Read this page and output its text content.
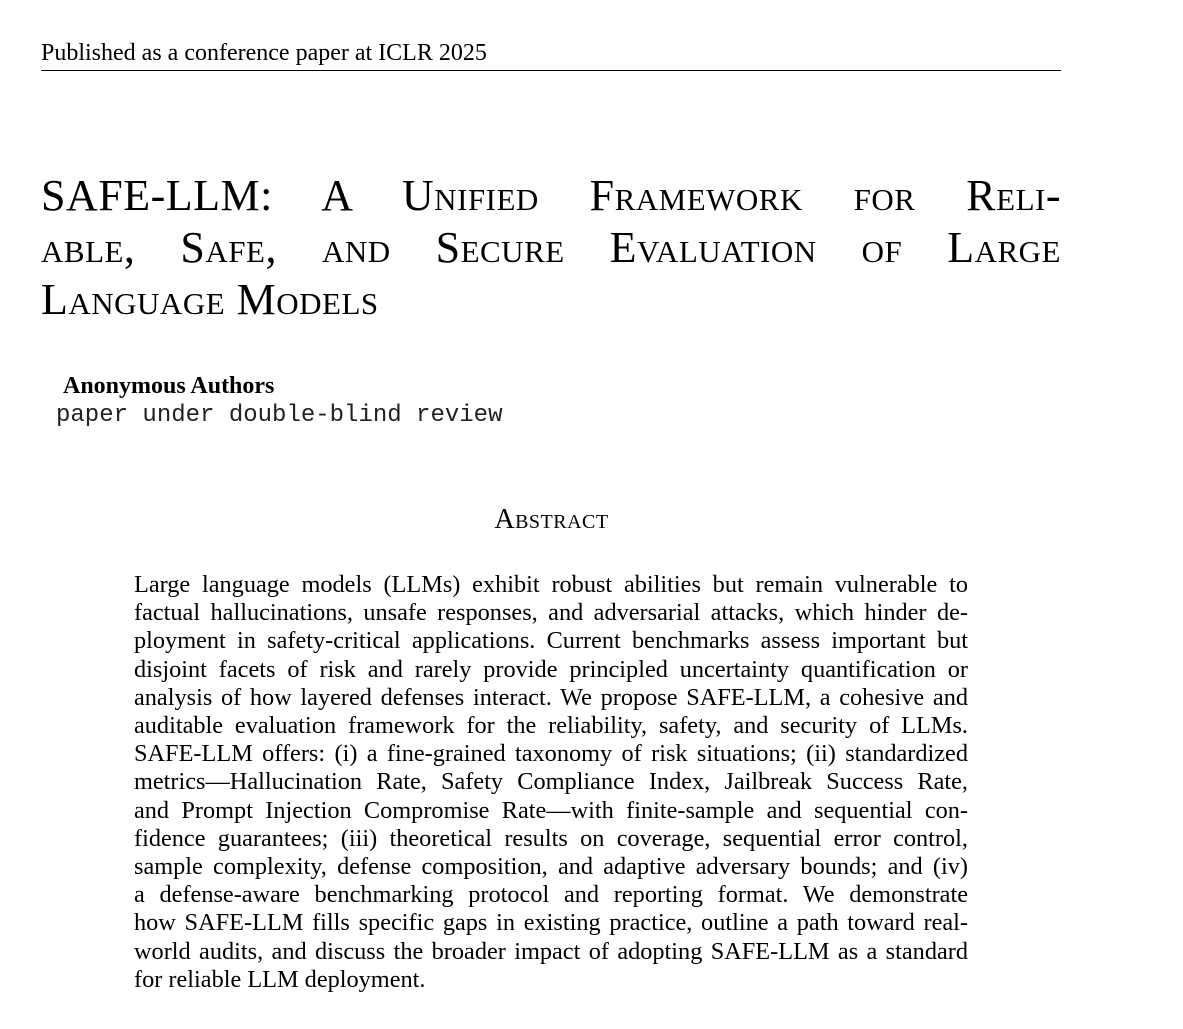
Published as a conference paper at ICLR 2025
SAFE-LLM: A Unified Framework for Reli-
able, Safe, and Secure Evaluation of Large
Language Models
Anonymous Authors
paper under double-blind review
Abstract
Large language models (LLMs) exhibit robust abilities but remain vulnerable to
factual hallucinations, unsafe responses, and adversarial attacks, which hinder de-
ployment in safety-critical applications. Current benchmarks assess important but
disjoint facets of risk and rarely provide principled uncertainty quantification or
analysis of how layered defenses interact. We propose SAFE-LLM, a cohesive and
auditable evaluation framework for the reliability, safety, and security of LLMs.
SAFE-LLM offers: (i) a fine-grained taxonomy of risk situations; (ii) standardized
metrics—Hallucination Rate, Safety Compliance Index, Jailbreak Success Rate,
and Prompt Injection Compromise Rate—with finite-sample and sequential con-
fidence guarantees; (iii) theoretical results on coverage, sequential error control,
sample complexity, defense composition, and adaptive adversary bounds; and (iv)
a defense-aware benchmarking protocol and reporting format. We demonstrate
how SAFE-LLM fills specific gaps in existing practice, outline a path toward real-
world audits, and discuss the broader impact of adopting SAFE-LLM as a standard
for reliable LLM deployment.
